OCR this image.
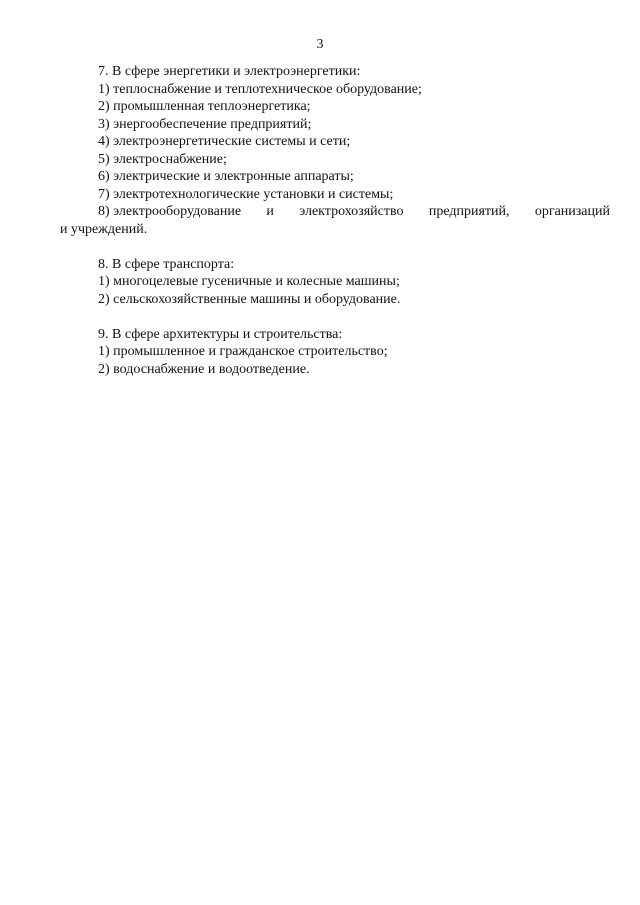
3
7. В сфере энергетики и электроэнергетики:
1) теплоснабжение и теплотехническое оборудование;
2) промышленная теплоэнергетика;
3) энергообеспечение предприятий;
4) электроэнергетические системы и сети;
5) электроснабжение;
6) электрические и электронные аппараты;
7) электротехнологические установки и системы;
8) электрооборудование и электрохозяйство предприятий, организаций
и учреждений.
8. В сфере транспорта:
1) многоцелевые гусеничные и колесные машины;
2) сельскохозяйственные машины и оборудование.
9. В сфере архитектуры и строительства:
1) промышленное и гражданское строительство;
2) водоснабжение и водоотведение.
